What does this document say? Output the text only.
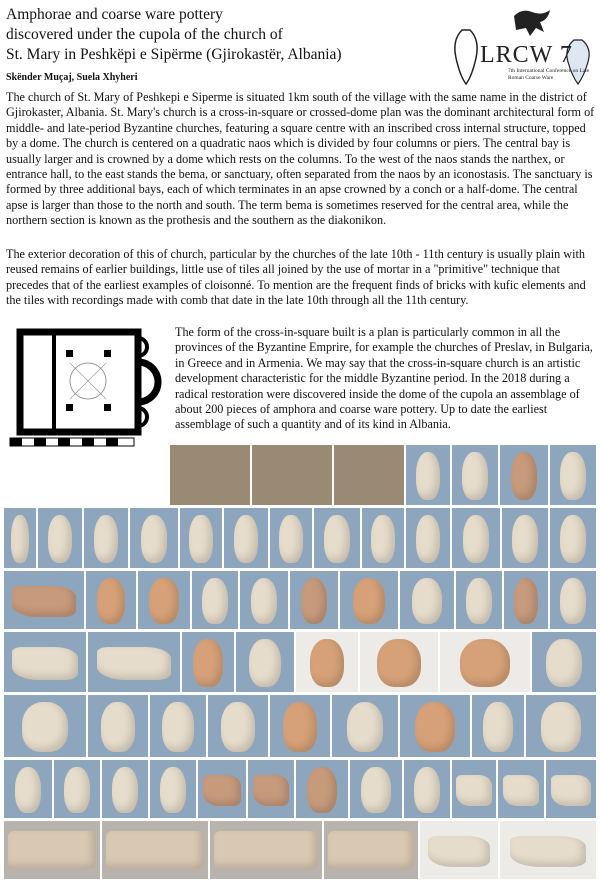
Amphorae and coarse ware pottery
discovered under the cupola of the church of
St. Mary in Peshkëpi e Sipërme (Gjirokastër, Albania)
Skënder Muçaj, Suela Xhyheri
LRCW 7
7th International Conference on Late Roman Coarse Ware

The church of St. Mary of Peshkepi e Siperme is situated 1km south of the village with the same name in the district of Gjirokaster, Albania. St. Mary's church is a cross-in-square or crossed-dome plan was the dominant architectural form of middle- and late-period Byzantine churches, featuring a square centre with an inscribed cross internal structure, topped by a dome. The church is centered on a quadratic naos which is divided by four columns or piers. The central bay is usually larger and is crowned by a dome which rests on the columns. To the west of the naos stands the narthex, or entrance hall, to the east stands the bema, or sanctuary, often separated from the naos by an iconostasis. The sanctuary is formed by three additional bays, each of which terminates in an apse crowned by a conch or a half-dome. The central apse is larger than those to the north and south. The term bema is sometimes reserved for the central area, while the northern section is known as the prothesis and the southern as the diakonikon.

The exterior decoration of this of church, particular by the churches of the late 10th - 11th century is usually plain with reused remains of earlier buildings, little use of tiles all joined by the use of mortar in a "primitive" technique that precedes that of the earliest examples of cloisonné. To mention are the frequent finds of bricks with kufic elements and the tiles with recordings made with comb that date in the late 10th through all the 11th century.

The form of the cross-in-square built is a plan is particularly common in all the provinces of the Byzantine Emprire, for example the churches of Preslav, in Bulgaria, in Greece and in Armenia. We may say that the cross-in-square church is an artistic development characteristic for the middle Byzantine period. In the 2018 during a radical restoration were discovered inside the dome of the cupola an assemblage of about 200 pieces of amphora and coarse ware pottery. Up to date the earliest assemblage of such a quantity and of its kind in Albania.
